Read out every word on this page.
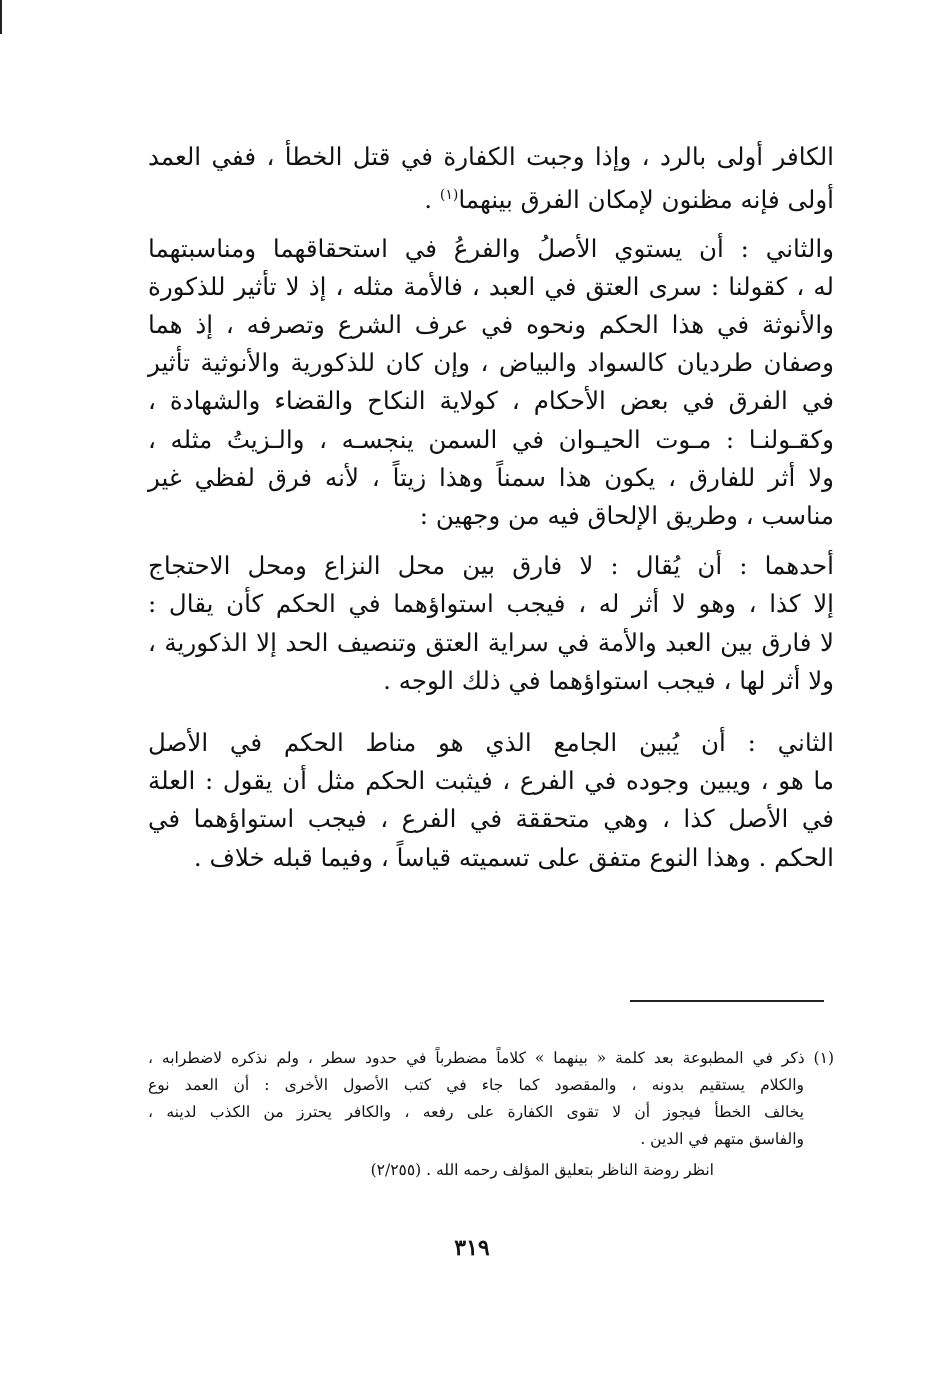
الكافر أولى بالرد ، وإذا وجبت الكفارة في قتل الخطأ ، ففي العمد
أولى فإنه مظنون لإمكان الفرق بينهما$^{(١)}$ .
والثاني : أن يستوي الأصلُ والفرعُ في استحقاقهما ومناسبتهما
له ، كقولنا : سرى العتق في العبد ، فالأمة مثله ، إذ لا تأثير للذكورة
والأنوثة في هذا الحكم ونحوه في عرف الشرع وتصرفه ، إذ هما
وصفان طرديان كالسواد والبياض ، وإن كان للذكورية والأنوثية تأثير
في الفرق في بعض الأحكام ، كولاية النكاح والقضاء والشهادة ،
وكقـولنـا : مـوت الحيـوان في السمن ينجسـه ، والـزيتُ مثله ،
ولا أثر للفارق ، يكون هذا سمناً وهذا زيتاً ، لأنه فرق لفظي غير
مناسب ، وطريق الإلحاق فيه من وجهين :
أحدهما : أن يُقال : لا فارق بين محل النزاع ومحل الاحتجاج
إلا كذا ، وهو لا أثر له ، فيجب استواؤهما في الحكم كأن يقال :
لا فارق بين العبد والأمة في سراية العتق وتنصيف الحد إلا الذكورية ،
ولا أثر لها ، فيجب استواؤهما في ذلك الوجه .
الثاني : أن يُبين الجامع الذي هو مناط الحكم في الأصل
ما هو ، ويبين وجوده في الفرع ، فيثبت الحكم مثل أن يقول : العلة
في الأصل كذا ، وهي متحققة في الفرع ، فيجب استواؤهما في
الحكم . وهذا النوع متفق على تسميته قياساً ، وفيما قبله خلاف .
(١) ذكر في المطبوعة بعد كلمة « بينهما » كلاماً مضطرباً في حدود سطر ، ولم نذكره لاضطرابه ،
والكلام يستقيم بدونه ، والمقصود كما جاء في كتب الأصول الأخرى : أن العمد نوع
يخالف الخطأ فيجوز أن لا تقوى الكفارة على رفعه ، والكافر يحترز من الكذب لدينه ،
والفاسق متهم في الدين .
انظر روضة الناظر بتعليق المؤلف رحمه الله . (٢/٢٥٥)
٣١٩
